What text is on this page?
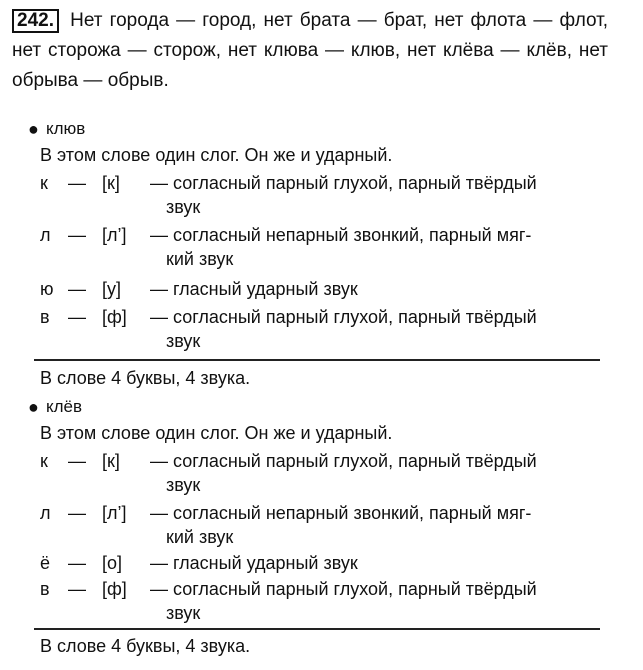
242. Нет города — город, нет брата — брат, нет флота — флот, нет сторожа — сторож, нет клюва — клюв, нет клёва — клёв, нет обрыва — обрыв.
● клюв
В этом слове один слог. Он же и ударный.
к	— [к] — согласный парный глухой, парный твёрдый
звук
л — [л’] — согласный непарный звонкий, парный мяг-
кий звук
ю — [у] — гласный ударный звук
в	— [ф] — согласный парный глухой, парный твёрдый
звук
В слове 4 буквы, 4 звука.
● клёв
В этом слове один слог. Он же и ударный.
к	— [к] — согласный парный глухой, парный твёрдый
звук
л — [л’] — согласный непарный звонкий, парный мяг-
кий звук
ё — [о] — гласный ударный звук
в	— [ф] — согласный парный глухой, парный твёрдый
звук
В слове 4 буквы, 4 звука.
